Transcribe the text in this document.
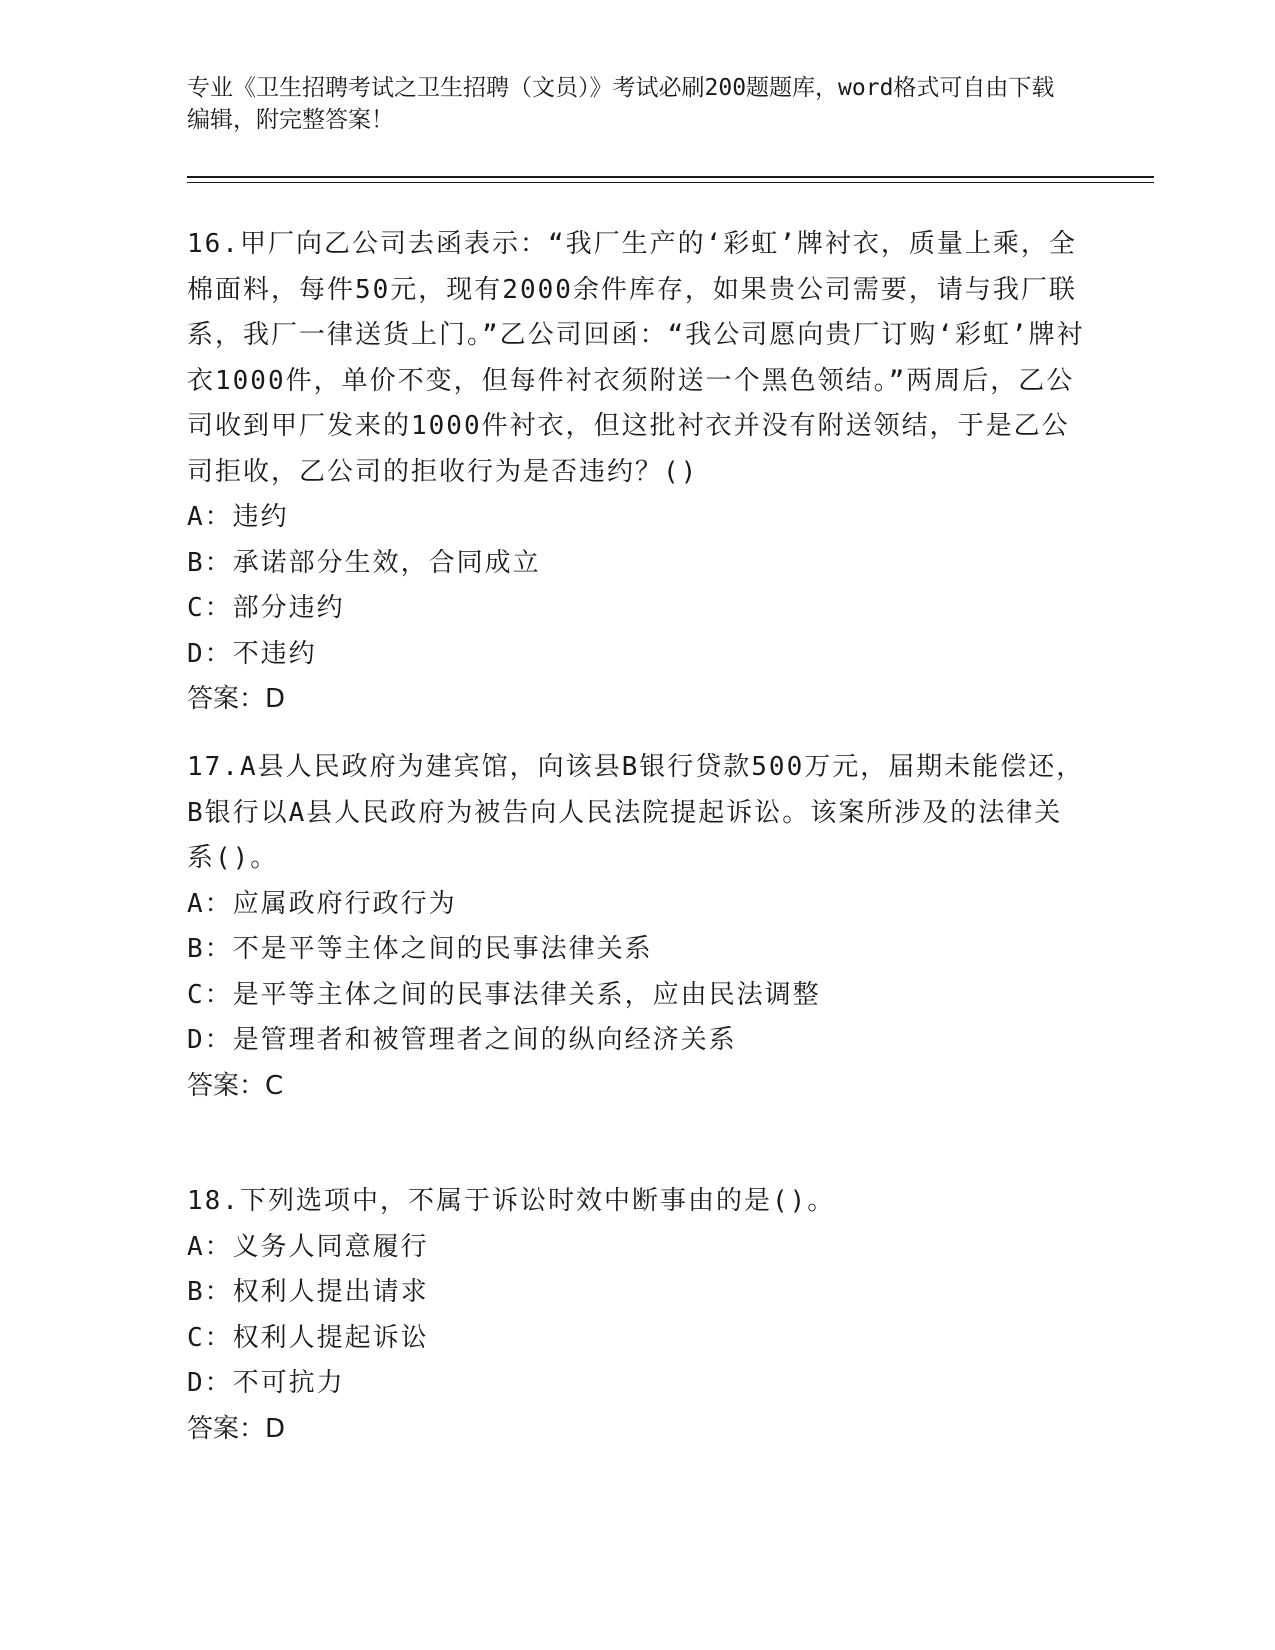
专业《卫生招聘考试之卫生招聘（文员）》考试必刷200题题库，word格式可自由下载编辑，附完整答案！

16.甲厂向乙公司去函表示：“我厂生产的‘彩虹’牌衬衣，质量上乘，全棉面料，每件50元，现有2000余件库存，如果贵公司需要，请与我厂联系，我厂一律送货上门。”乙公司回函：“我公司愿向贵厂订购‘彩虹’牌衬衣1000件，单价不变，但每件衬衣须附送一个黑色领结。”两周后，乙公司收到甲厂发来的1000件衬衣，但这批衬衣并没有附送领结，于是乙公司拒收，乙公司的拒收行为是否违约？()

A：违约

B：承诺部分生效，合同成立

C：部分违约

D：不违约

答案：D

17.A县人民政府为建宾馆，向该县B银行贷款500万元，届期未能偿还，B银行以A县人民政府为被告向人民法院提起诉讼。该案所涉及的法律关系()。

A：应属政府行政行为

B：不是平等主体之间的民事法律关系

C：是平等主体之间的民事法律关系，应由民法调整

D：是管理者和被管理者之间的纵向经济关系

答案：C

18.下列选项中，不属于诉讼时效中断事由的是()。

A：义务人同意履行

B：权利人提出请求

C：权利人提起诉讼

D：不可抗力

答案：D
